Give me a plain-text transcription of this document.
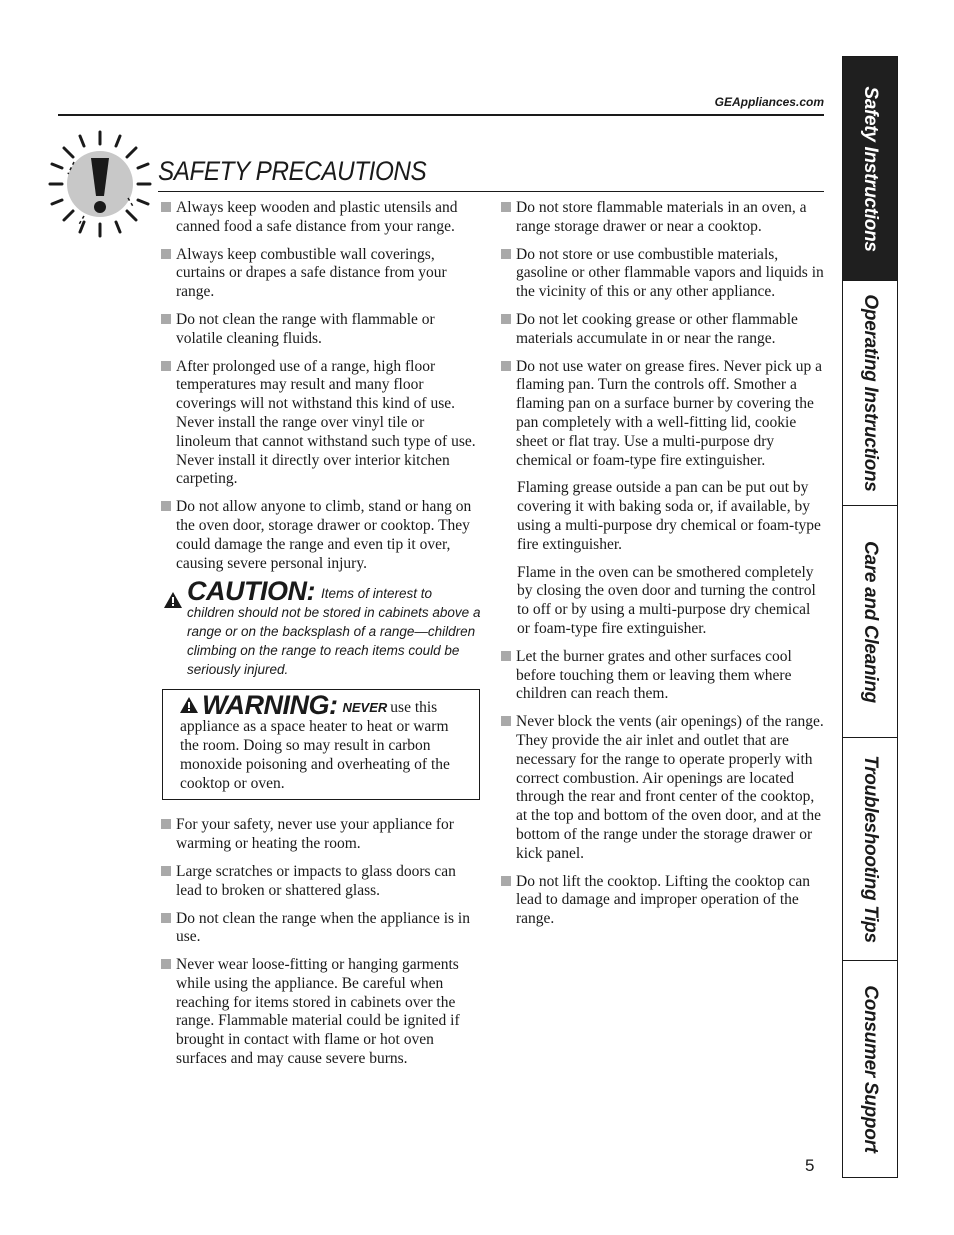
GEAppliances.com
SAFETY PRECAUTIONS
Always keep wooden and plastic utensils and canned food a safe distance from your range.
Always keep combustible wall coverings, curtains or drapes a safe distance from your range.
Do not clean the range with flammable or volatile cleaning fluids.
After prolonged use of a range, high floor temperatures may result and many floor coverings will not withstand this kind of use. Never install the range over vinyl tile or linoleum that cannot withstand such type of use. Never install it directly over interior kitchen carpeting.
Do not allow anyone to climb, stand or hang on the oven door, storage drawer or cooktop. They could damage the range and even tip it over, causing severe personal injury.
CAUTION: Items of interest to children should not be stored in cabinets above a range or on the backsplash of a range—children climbing on the range to reach items could be seriously injured.
WARNING: NEVER use this appliance as a space heater to heat or warm the room. Doing so may result in carbon monoxide poisoning and overheating of the cooktop or oven.
For your safety, never use your appliance for warming or heating the room.
Large scratches or impacts to glass doors can lead to broken or shattered glass.
Do not clean the range when the appliance is in use.
Never wear loose-fitting or hanging garments while using the appliance. Be careful when reaching for items stored in cabinets over the range. Flammable material could be ignited if brought in contact with flame or hot oven surfaces and may cause severe burns.
Do not store flammable materials in an oven, a range storage drawer or near a cooktop.
Do not store or use combustible materials, gasoline or other flammable vapors and liquids in the vicinity of this or any other appliance.
Do not let cooking grease or other flammable materials accumulate in or near the range.
Do not use water on grease fires. Never pick up a flaming pan. Turn the controls off. Smother a flaming pan on a surface burner by covering the pan completely with a well-fitting lid, cookie sheet or flat tray. Use a multi-purpose dry chemical or foam-type fire extinguisher.
Flaming grease outside a pan can be put out by covering it with baking soda or, if available, by using a multi-purpose dry chemical or foam-type fire extinguisher.
Flame in the oven can be smothered completely by closing the oven door and turning the control to off or by using a multi-purpose dry chemical or foam-type fire extinguisher.
Let the burner grates and other surfaces cool before touching them or leaving them where children can reach them.
Never block the vents (air openings) of the range. They provide the air inlet and outlet that are necessary for the range to operate properly with correct combustion. Air openings are located through the rear and front center of the cooktop, at the top and bottom of the oven door, and at the bottom of the range under the storage drawer or kick panel.
Do not lift the cooktop. Lifting the cooktop can lead to damage and improper operation of the range.
Safety Instructions
Operating Instructions
Care and Cleaning
Troubleshooting Tips
Consumer Support
5
